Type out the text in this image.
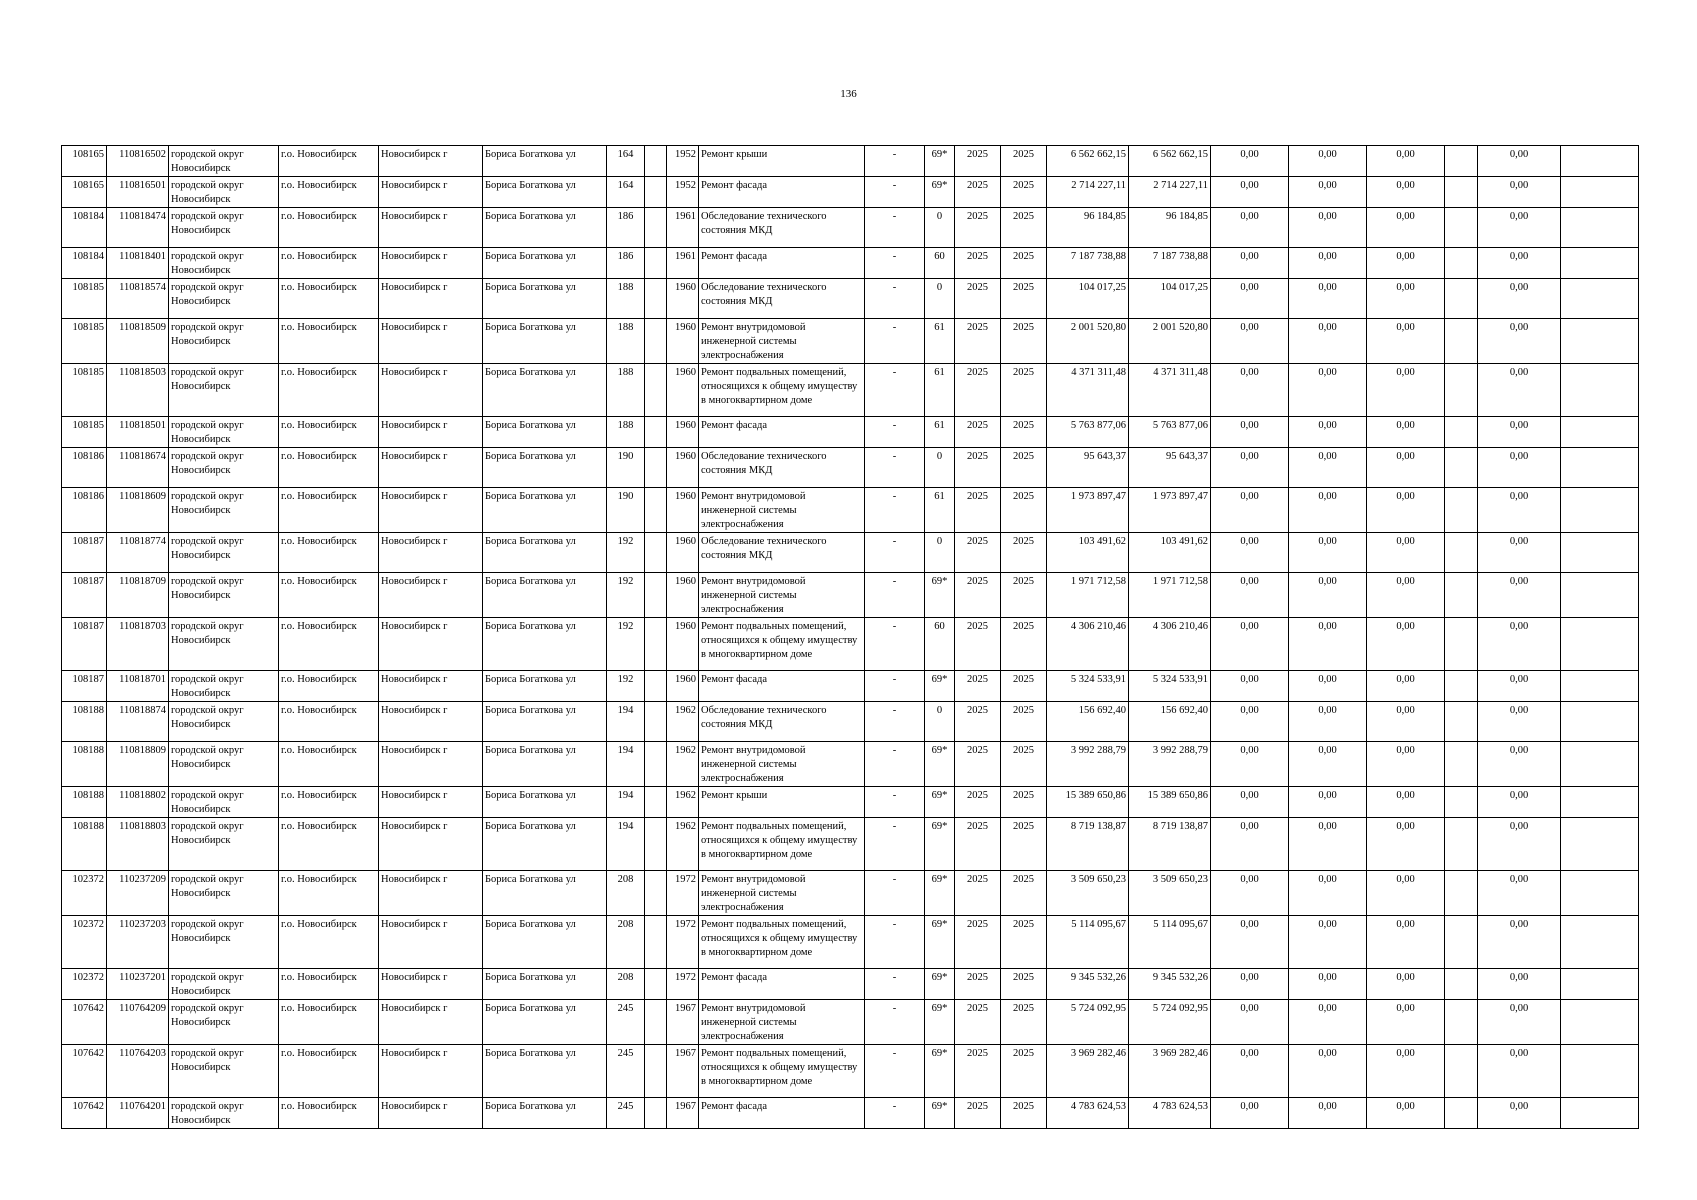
136
108165	110816502	городской округ Новосибирск	г.о. Новосибирск	Новосибирск г	Бориса Богаткова ул	164		1952	Ремонт крыши	-	69*	2025	2025	6 562 662,15	6 562 662,15	0,00	0,00	0,00		0,00	
108165	110816501	городской округ Новосибирск	г.о. Новосибирск	Новосибирск г	Бориса Богаткова ул	164		1952	Ремонт фасада	-	69*	2025	2025	2 714 227,11	2 714 227,11	0,00	0,00	0,00		0,00	
108184	110818474	городской округ Новосибирск	г.о. Новосибирск	Новосибирск г	Бориса Богаткова ул	186		1961	Обследование технического состояния МКД	-	0	2025	2025	96 184,85	96 184,85	0,00	0,00	0,00		0,00	
108184	110818401	городской округ Новосибирск	г.о. Новосибирск	Новосибирск г	Бориса Богаткова ул	186		1961	Ремонт фасада	-	60	2025	2025	7 187 738,88	7 187 738,88	0,00	0,00	0,00		0,00	
108185	110818574	городской округ Новосибирск	г.о. Новосибирск	Новосибирск г	Бориса Богаткова ул	188		1960	Обследование технического состояния МКД	-	0	2025	2025	104 017,25	104 017,25	0,00	0,00	0,00		0,00	
108185	110818509	городской округ Новосибирск	г.о. Новосибирск	Новосибирск г	Бориса Богаткова ул	188		1960	Ремонт внутридомовой инженерной системы электроснабжения	-	61	2025	2025	2 001 520,80	2 001 520,80	0,00	0,00	0,00		0,00	
108185	110818503	городской округ Новосибирск	г.о. Новосибирск	Новосибирск г	Бориса Богаткова ул	188		1960	Ремонт подвальных помещений, относящихся к общему имуществу в многоквартирном доме	-	61	2025	2025	4 371 311,48	4 371 311,48	0,00	0,00	0,00		0,00	
108185	110818501	городской округ Новосибирск	г.о. Новосибирск	Новосибирск г	Бориса Богаткова ул	188		1960	Ремонт фасада	-	61	2025	2025	5 763 877,06	5 763 877,06	0,00	0,00	0,00		0,00	
108186	110818674	городской округ Новосибирск	г.о. Новосибирск	Новосибирск г	Бориса Богаткова ул	190		1960	Обследование технического состояния МКД	-	0	2025	2025	95 643,37	95 643,37	0,00	0,00	0,00		0,00	
108186	110818609	городской округ Новосибирск	г.о. Новосибирск	Новосибирск г	Бориса Богаткова ул	190		1960	Ремонт внутридомовой инженерной системы электроснабжения	-	61	2025	2025	1 973 897,47	1 973 897,47	0,00	0,00	0,00		0,00	
108187	110818774	городской округ Новосибирск	г.о. Новосибирск	Новосибирск г	Бориса Богаткова ул	192		1960	Обследование технического состояния МКД	-	0	2025	2025	103 491,62	103 491,62	0,00	0,00	0,00		0,00	
108187	110818709	городской округ Новосибирск	г.о. Новосибирск	Новосибирск г	Бориса Богаткова ул	192		1960	Ремонт внутридомовой инженерной системы электроснабжения	-	69*	2025	2025	1 971 712,58	1 971 712,58	0,00	0,00	0,00		0,00	
108187	110818703	городской округ Новосибирск	г.о. Новосибирск	Новосибирск г	Бориса Богаткова ул	192		1960	Ремонт подвальных помещений, относящихся к общему имуществу в многоквартирном доме	-	60	2025	2025	4 306 210,46	4 306 210,46	0,00	0,00	0,00		0,00	
108187	110818701	городской округ Новосибирск	г.о. Новосибирск	Новосибирск г	Бориса Богаткова ул	192		1960	Ремонт фасада	-	69*	2025	2025	5 324 533,91	5 324 533,91	0,00	0,00	0,00		0,00	
108188	110818874	городской округ Новосибирск	г.о. Новосибирск	Новосибирск г	Бориса Богаткова ул	194		1962	Обследование технического состояния МКД	-	0	2025	2025	156 692,40	156 692,40	0,00	0,00	0,00		0,00	
108188	110818809	городской округ Новосибирск	г.о. Новосибирск	Новосибирск г	Бориса Богаткова ул	194		1962	Ремонт внутридомовой инженерной системы электроснабжения	-	69*	2025	2025	3 992 288,79	3 992 288,79	0,00	0,00	0,00		0,00	
108188	110818802	городской округ Новосибирск	г.о. Новосибирск	Новосибирск г	Бориса Богаткова ул	194		1962	Ремонт крыши	-	69*	2025	2025	15 389 650,86	15 389 650,86	0,00	0,00	0,00		0,00	
108188	110818803	городской округ Новосибирск	г.о. Новосибирск	Новосибирск г	Бориса Богаткова ул	194		1962	Ремонт подвальных помещений, относящихся к общему имуществу в многоквартирном доме	-	69*	2025	2025	8 719 138,87	8 719 138,87	0,00	0,00	0,00		0,00	
102372	110237209	городской округ Новосибирск	г.о. Новосибирск	Новосибирск г	Бориса Богаткова ул	208		1972	Ремонт внутридомовой инженерной системы электроснабжения	-	69*	2025	2025	3 509 650,23	3 509 650,23	0,00	0,00	0,00		0,00	
102372	110237203	городской округ Новосибирск	г.о. Новосибирск	Новосибирск г	Бориса Богаткова ул	208		1972	Ремонт подвальных помещений, относящихся к общему имуществу в многоквартирном доме	-	69*	2025	2025	5 114 095,67	5 114 095,67	0,00	0,00	0,00		0,00	
102372	110237201	городской округ Новосибирск	г.о. Новосибирск	Новосибирск г	Бориса Богаткова ул	208		1972	Ремонт фасада	-	69*	2025	2025	9 345 532,26	9 345 532,26	0,00	0,00	0,00		0,00	
107642	110764209	городской округ Новосибирск	г.о. Новосибирск	Новосибирск г	Бориса Богаткова ул	245		1967	Ремонт внутридомовой инженерной системы электроснабжения	-	69*	2025	2025	5 724 092,95	5 724 092,95	0,00	0,00	0,00		0,00	
107642	110764203	городской округ Новосибирск	г.о. Новосибирск	Новосибирск г	Бориса Богаткова ул	245		1967	Ремонт подвальных помещений, относящихся к общему имуществу в многоквартирном доме	-	69*	2025	2025	3 969 282,46	3 969 282,46	0,00	0,00	0,00		0,00	
107642	110764201	городской округ Новосибирск	г.о. Новосибирск	Новосибирск г	Бориса Богаткова ул	245		1967	Ремонт фасада	-	69*	2025	2025	4 783 624,53	4 783 624,53	0,00	0,00	0,00		0,00	
